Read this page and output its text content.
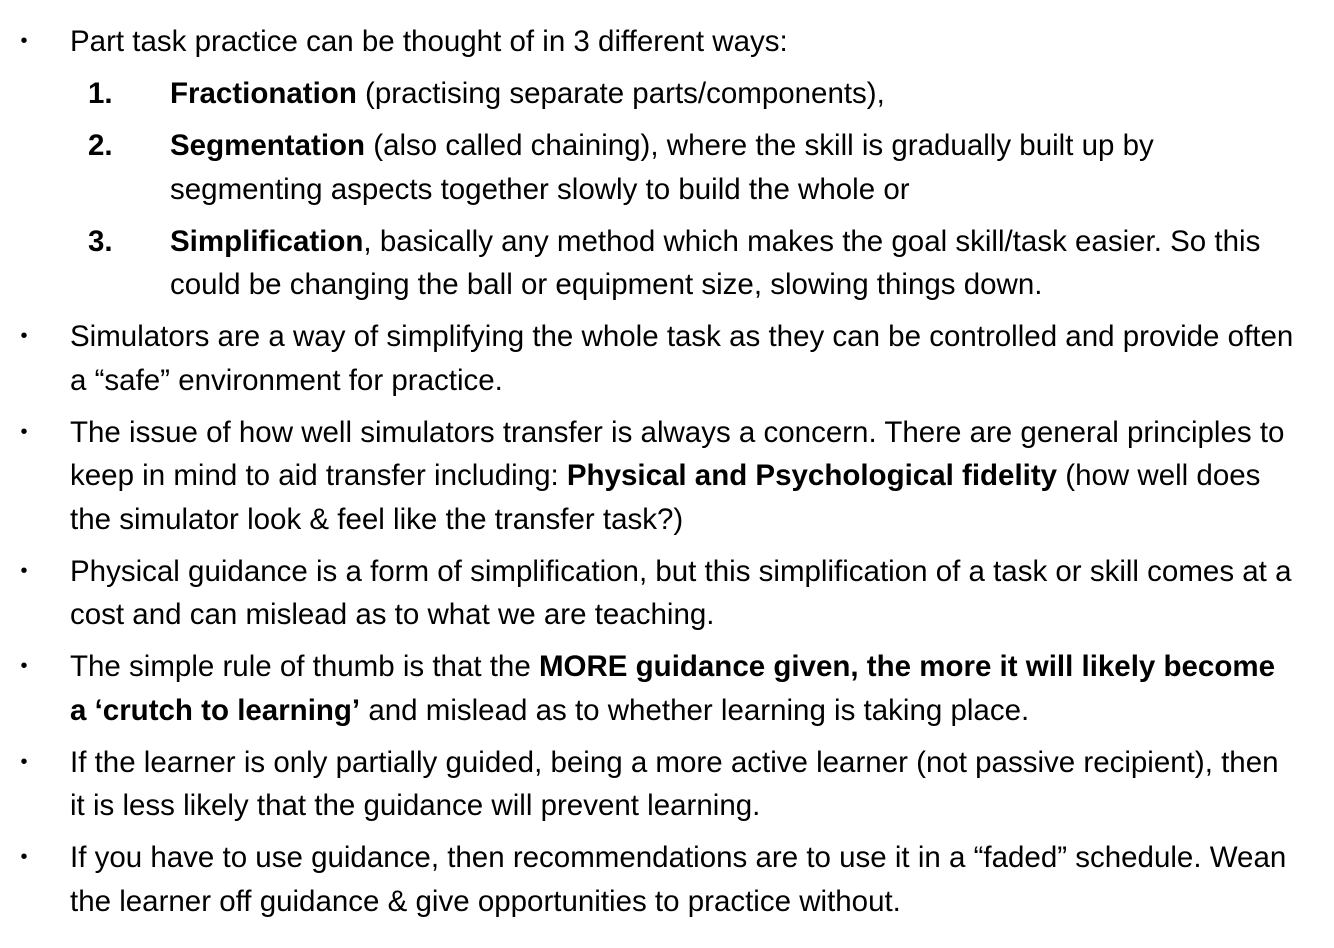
• Part task practice can be thought of in 3 different ways:
1. Fractionation (practising separate parts/components),
2. Segmentation (also called chaining), where the skill is gradually built up by segmenting aspects together slowly to build the whole or
3. Simplification, basically any method which makes the goal skill/task easier. So this could be changing the ball or equipment size, slowing things down.
• Simulators are a way of simplifying the whole task as they can be controlled and provide often a “safe” environment for practice.
• The issue of how well simulators transfer is always a concern. There are general principles to keep in mind to aid transfer including: Physical and Psychological fidelity (how well does the simulator look & feel like the transfer task?)
• Physical guidance is a form of simplification, but this simplification of a task or skill comes at a cost and can mislead as to what we are teaching.
• The simple rule of thumb is that the MORE guidance given, the more it will likely become a ‘crutch to learning’ and mislead as to whether learning is taking place.
• If the learner is only partially guided, being a more active learner (not passive recipient), then it is less likely that the guidance will prevent learning.
• If you have to use guidance, then recommendations are to use it in a “faded” schedule. Wean the learner off guidance & give opportunities to practice without.
